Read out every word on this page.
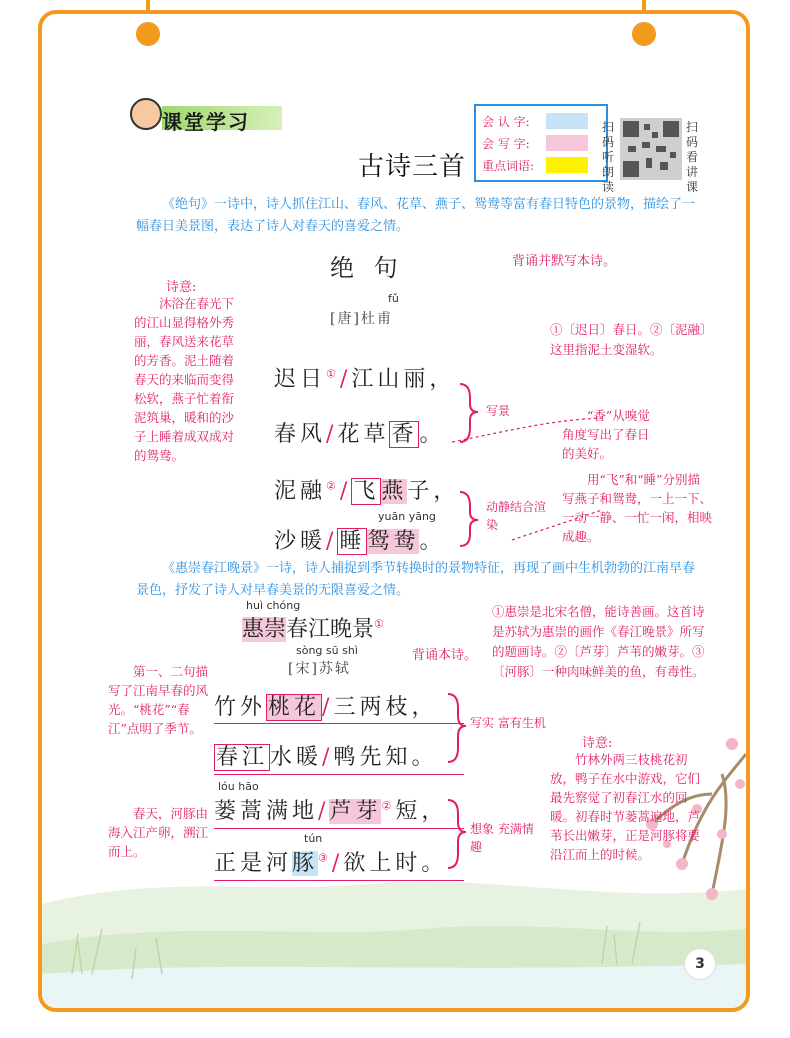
课堂学习
古诗三首
会 认 字:
会 写 字:
重点词语:
扫码听朗读
扫码看讲课
《绝句》一诗中，诗人抓住江山、春风、花草、燕子、鸳鸯等富有春日特色的景物，描绘了一幅春日美景图，表达了诗人对春天的喜爱之情。
绝 句	背诵并默写本诗。
fǔ
[唐]杜甫
诗意:
沐浴在春光下的江山显得格外秀丽，春风送来花草的芳香。泥土随着春天的来临而变得松软，燕子忙着衔泥筑巢，暖和的沙子上睡着成双成对的鸳鸯。
迟日①/江山丽，
春风/花草香。
泥融②/飞燕子，
yuān yāng
沙暖/睡鸳鸯。
写景
动静结合渲染
①〔迟日〕春日。②〔泥融〕这里指泥土变湿软。
“香”从嗅觉角度写出了春日的美好。
用“飞”和“睡”分别描写燕子和鸳鸯，一上一下、一动一静、一忙一闲，相映成趣。
《惠崇春江晚景》一诗，诗人捕捉到季节转换时的景物特征，再现了画中生机勃勃的江南早春景色，抒发了诗人对早春美景的无限喜爱之情。
huì chóng
惠崇春江晚景①
sòng sū shì
[宋]苏轼
背诵本诗。
①惠崇是北宋名僧，能诗善画。这首诗是苏轼为惠崇的画作《春江晚景》所写的题画诗。②〔芦芽〕芦苇的嫩芽。③〔河豚〕一种肉味鲜美的鱼，有毒性。
第一、二句描写了江南早春的风光。“桃花”“春江”点明了季节。
竹外桃花/三两枝，
春江水暖/鸭先知。
lóu hāo
蒌蒿满地/芦芽②短，
tún
正是河豚③/欲上时。
写实 富有生机
想象 充满情趣
春天，河豚由海入江产卵，溯江而上。
诗意:
竹林外两三枝桃花初放，鸭子在水中游戏，它们最先察觉了初春江水的回暖。初春时节蒌蒿遍地，芦苇长出嫩芽，正是河豚将要沿江而上的时候。
3
